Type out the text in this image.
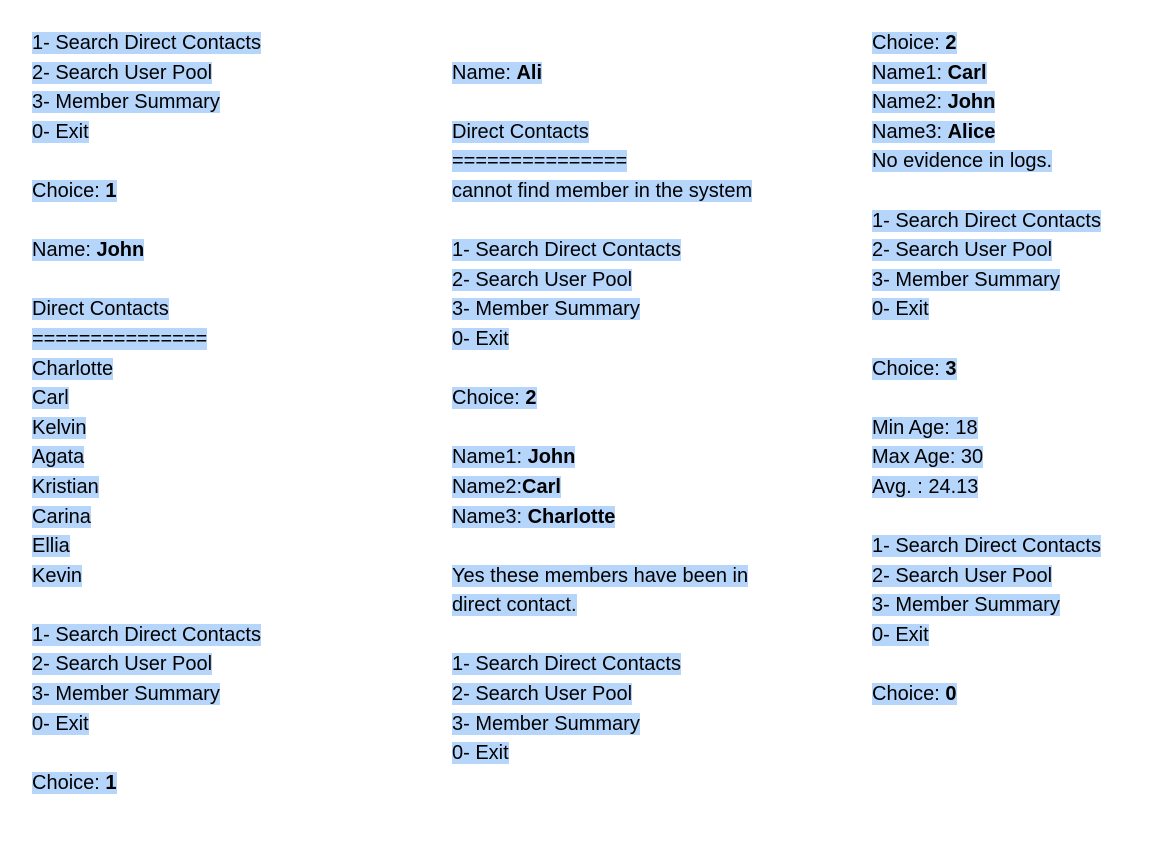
1- Search Direct Contacts
2- Search User Pool
3- Member Summary
0- Exit
Choice: 1
Name: John
Direct Contacts
===============
Charlotte
Carl
Kelvin
Agata
Kristian
Carina
Ellia
Kevin
1- Search Direct Contacts
2- Search User Pool
3- Member Summary
0- Exit
Choice: 1
Name: Ali
Direct Contacts
===============
cannot find member in the system
1- Search Direct Contacts
2- Search User Pool
3- Member Summary
0- Exit
Choice: 2
Name1: John
Name2:Carl
Name3: Charlotte
Yes these members have been in
direct contact.
1- Search Direct Contacts
2- Search User Pool
3- Member Summary
0- Exit
Choice: 2
Name1: Carl
Name2: John
Name3: Alice
No evidence in logs.
1- Search Direct Contacts
2- Search User Pool
3- Member Summary
0- Exit
Choice: 3
Min Age: 18
Max Age: 30
Avg. : 24.13
1- Search Direct Contacts
2- Search User Pool
3- Member Summary
0- Exit
Choice: 0
